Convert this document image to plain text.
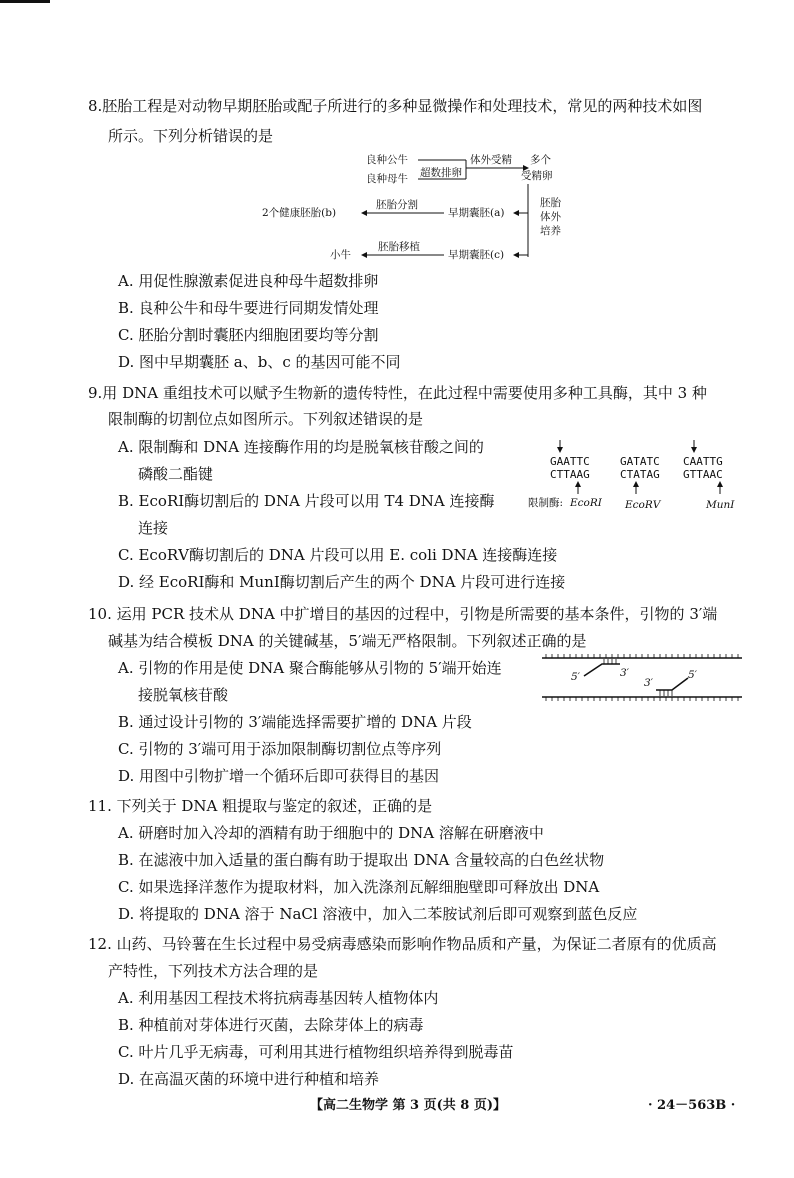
8.胚胎工程是对动物早期胚胎或配子所进行的多种显微操作和处理技术，常见的两种技术如图
所示。下列分析错误的是
良种公牛
良种母牛 超数排卵
体外受精 多个
受精卵
胚胎
体外
培养
早期囊胚(a)
胚胎分割
2个健康胚胎(b)
早期囊胚(c)
胚胎移植
小牛
A. 用促性腺激素促进良种母牛超数排卵
B. 良种公牛和母牛要进行同期发情处理
C. 胚胎分割时囊胚内细胞团要均等分割
D. 图中早期囊胚 a、b、c 的基因可能不同
9.用 DNA 重组技术可以赋予生物新的遗传特性，在此过程中需要使用多种工具酶，其中 3 种
限制酶的切割位点如图所示。下列叙述错误的是
A. 限制酶和 DNA 连接酶作用的均是脱氧核苷酸之间的
磷酸二酯键
B. EcoRⅠ酶切割后的 DNA 片段可以用 T4 DNA 连接酶
连接
C. EcoRⅤ酶切割后的 DNA 片段可以用 E. coli DNA 连接酶连接
D. 经 EcoRⅠ酶和 MunⅠ酶切割后产生的两个 DNA 片段可进行连接
GAATTC
CTTAAG
GATATC
CTATAG
CAATTG
GTTAAC
限制酶: EcoRⅠ EcoRⅤ	MunⅠ
10. 运用 PCR 技术从 DNA 中扩增目的基因的过程中，引物是所需要的基本条件，引物的 3′端
碱基为结合模板 DNA 的关键碱基，5′端无严格限制。下列叙述正确的是
A. 引物的作用是使 DNA 聚合酶能够从引物的 5′端开始连
接脱氧核苷酸
B. 通过设计引物的 3′端能选择需要扩增的 DNA 片段
C. 引物的 3′端可用于添加限制酶切割位点等序列
D. 用图中引物扩增一个循环后即可获得目的基因
5′	3′
3′
5′
11. 下列关于 DNA 粗提取与鉴定的叙述，正确的是
A. 研磨时加入冷却的酒精有助于细胞中的 DNA 溶解在研磨液中
B. 在滤液中加入适量的蛋白酶有助于提取出 DNA 含量较高的白色丝状物
C. 如果选择洋葱作为提取材料，加入洗涤剂瓦解细胞壁即可释放出 DNA
D. 将提取的 DNA 溶于 NaCl 溶液中，加入二苯胺试剂后即可观察到蓝色反应
12. 山药、马铃薯在生长过程中易受病毒感染而影响作物品质和产量，为保证二者原有的优质高
产特性，下列技术方法合理的是
A. 利用基因工程技术将抗病毒基因转人植物体内
B. 种植前对芽体进行灭菌，去除芽体上的病毒
C. 叶片几乎无病毒，可利用其进行植物组织培养得到脱毒苗
D. 在高温灭菌的环境中进行种植和培养
【高二生物学 第 3 页(共 8 页)】	· 24－563B ·
